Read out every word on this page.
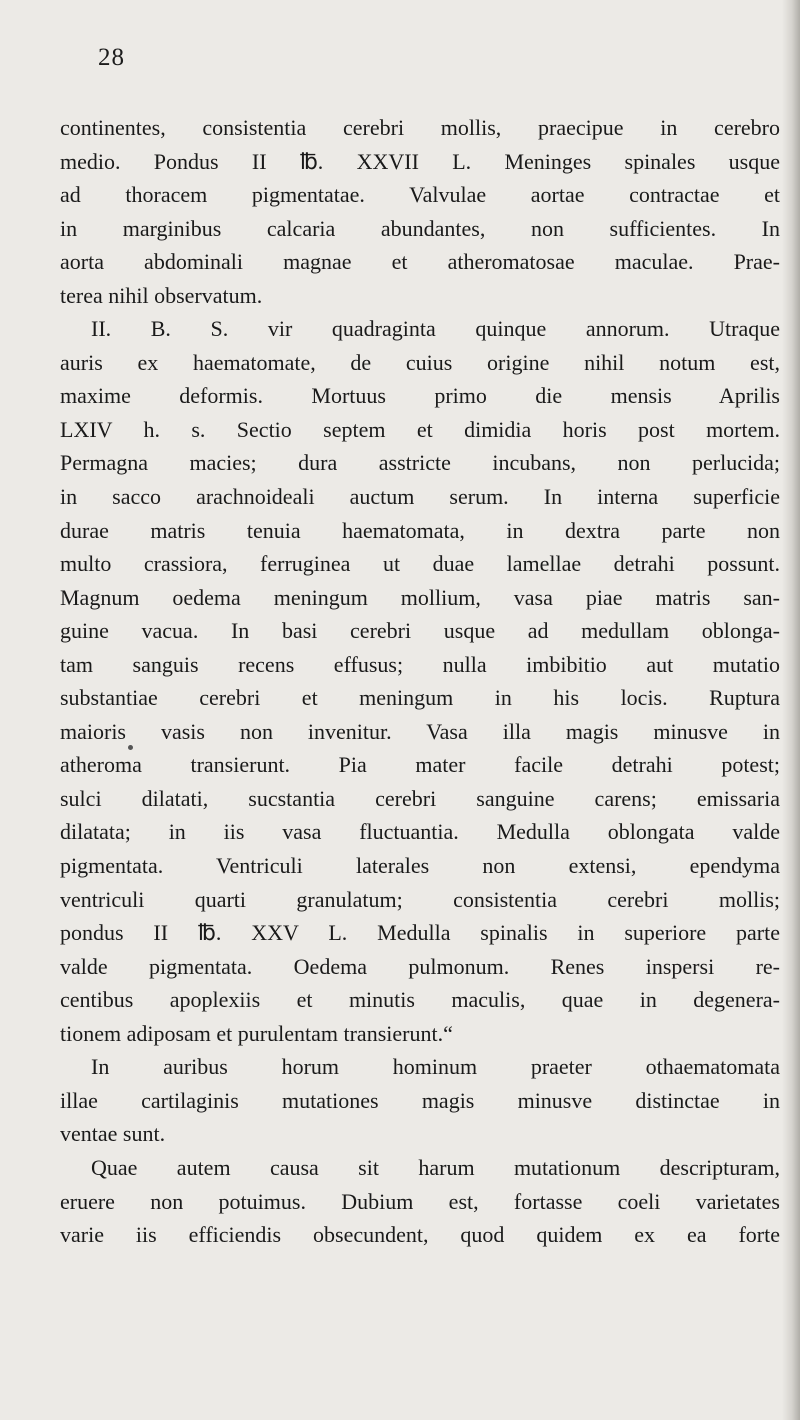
28
continentes, consistentia cerebri mollis, praecipue in cerebro
medio. Pondus II ℔. XXVII L. Meninges spinales usque
ad thoracem pigmentatae. Valvulae aortae contractae et
in marginibus calcaria abundantes, non sufficientes. In
aorta abdominali magnae et atheromatosae maculae. Prae-
terea nihil observatum.
II. B. S. vir quadraginta quinque annorum. Utraque
auris ex haematomate, de cuius origine nihil notum est,
maxime deformis. Mortuus primo die mensis Aprilis
LXIV h. s. Sectio septem et dimidia horis post mortem.
Permagna macies; dura asstricte incubans, non perlucida;
in sacco arachnoideali auctum serum. In interna superficie
durae matris tenuia haematomata, in dextra parte non
multo crassiora, ferruginea ut duae lamellae detrahi possunt.
Magnum oedema meningum mollium, vasa piae matris san-
guine vacua. In basi cerebri usque ad medullam oblonga-
tam sanguis recens effusus; nulla imbibitio aut mutatio
substantiae cerebri et meningum in his locis. Ruptura
maioris vasis non invenitur. Vasa illa magis minusve in
atheroma transierunt. Pia mater facile detrahi potest;
sulci dilatati, sucstantia cerebri sanguine carens; emissaria
dilatata; in iis vasa fluctuantia. Medulla oblongata valde
pigmentata. Ventriculi laterales non extensi, ependyma
ventriculi quarti granulatum; consistentia cerebri mollis;
pondus II ℔. XXV L. Medulla spinalis in superiore parte
valde pigmentata. Oedema pulmonum. Renes inspersi re-
centibus apoplexiis et minutis maculis, quae in degenera-
tionem adiposam et purulentam transierunt.“
In auribus horum hominum praeter othaematomata
illae cartilaginis mutationes magis minusve distinctae in
ventae sunt.
Quae autem causa sit harum mutationum descripturam,
eruere non potuimus. Dubium est, fortasse coeli varietates
varie iis efficiendis obsecundent, quod quidem ex ea forte
